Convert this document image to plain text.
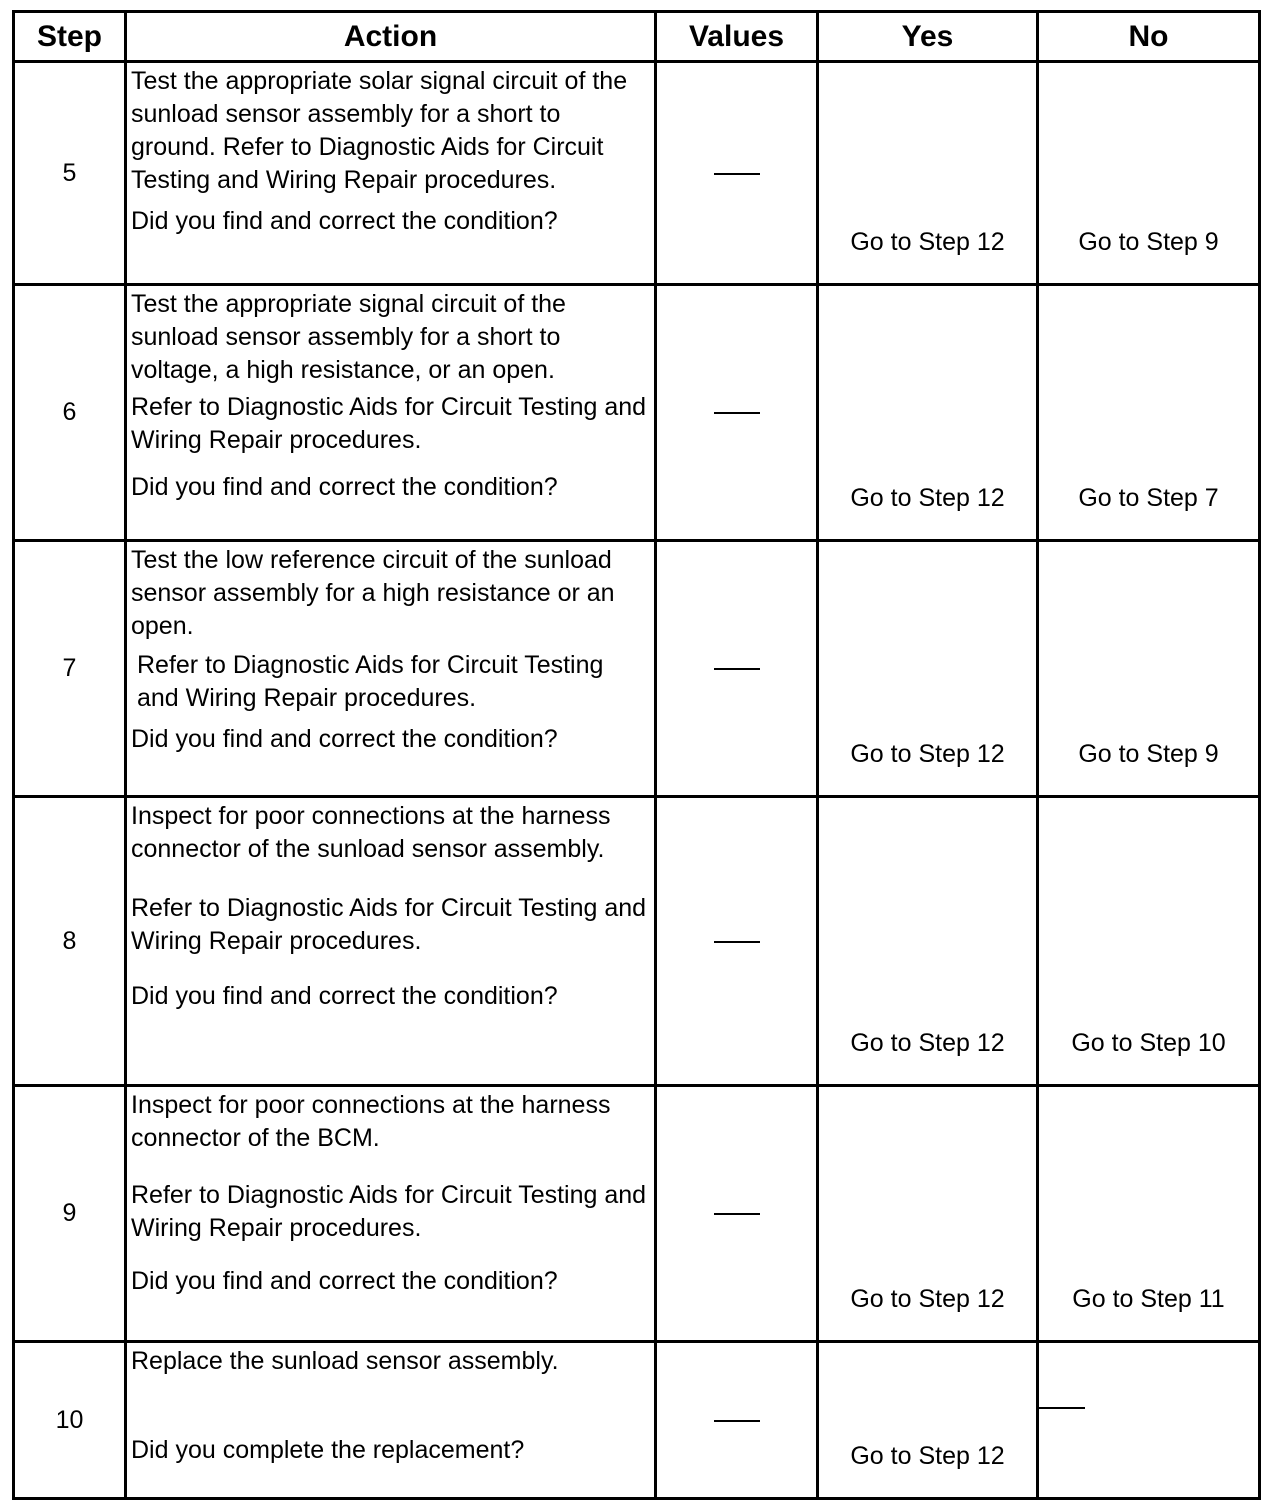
Step	Action	Values	Yes	No
5	Test the appropriate solar signal circuit of the sunload sensor assembly for a short to ground. Refer to Diagnostic Aids for Circuit Testing and Wiring Repair procedures.
Did you find and correct the condition?		Go to Step 12	Go to Step 9

6	Test the appropriate signal circuit of the sunload sensor assembly for a short to voltage, a high resistance, or an open.
Refer to Diagnostic Aids for Circuit Testing and Wiring Repair procedures.
Did you find and correct the condition?		Go to Step 12	Go to Step 7

7	Test the low reference circuit of the sunload sensor assembly for a high resistance or an open.
Refer to Diagnostic Aids for Circuit Testing and Wiring Repair procedures.
Did you find and correct the condition?		Go to Step 12	Go to Step 9

8	Inspect for poor connections at the harness connector of the sunload sensor assembly.
Refer to Diagnostic Aids for Circuit Testing and Wiring Repair procedures.
Did you find and correct the condition?		Go to Step 12	Go to Step 10

9	Inspect for poor connections at the harness connector of the BCM.
Refer to Diagnostic Aids for Circuit Testing and Wiring Repair procedures.
Did you find and correct the condition?		Go to Step 12	Go to Step 11

10	Replace the sunload sensor assembly.
Did you complete the replacement?		Go to Step 12	
